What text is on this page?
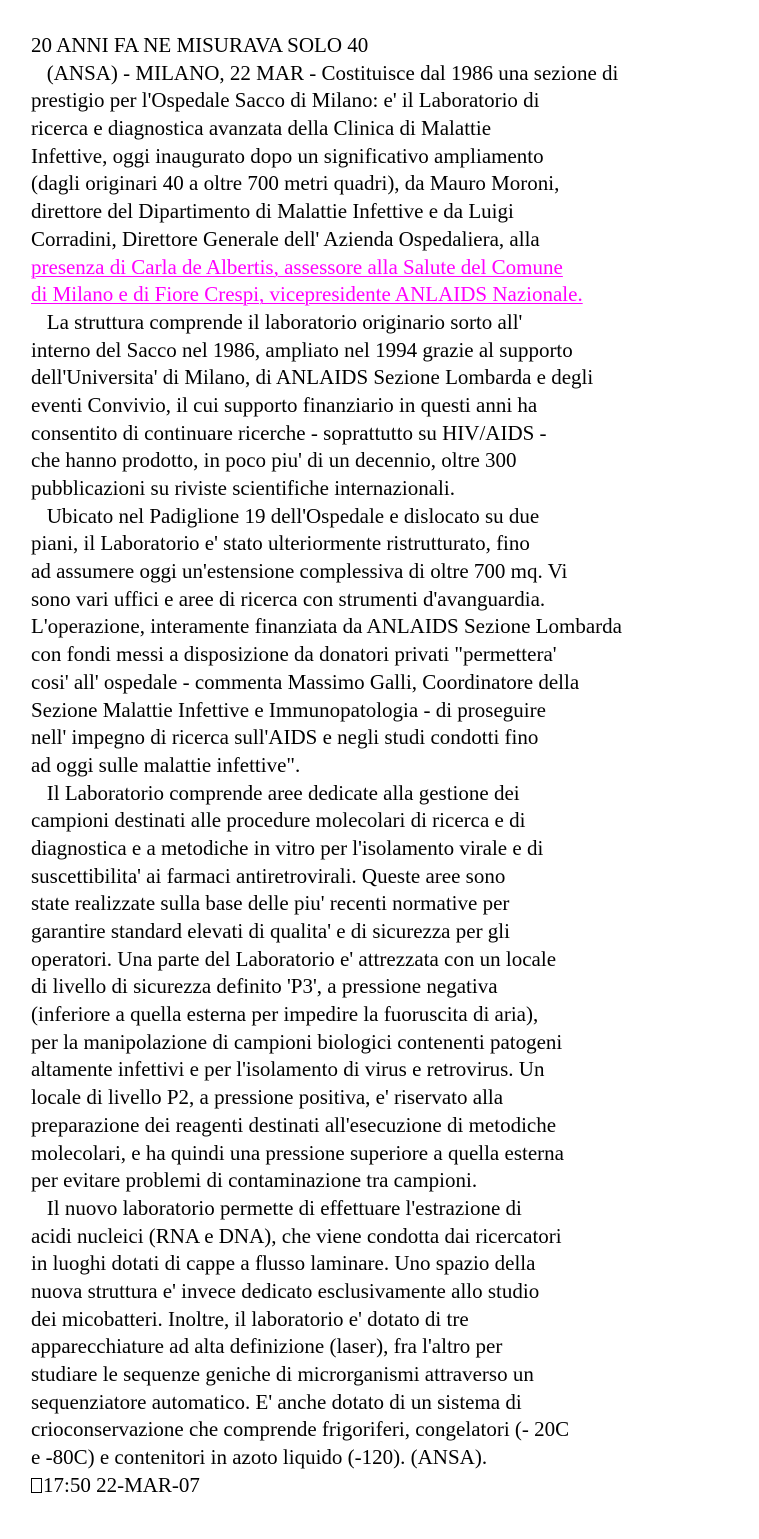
20 ANNI FA NE MISURAVA SOLO 40
(ANSA) - MILANO, 22 MAR - Costituisce dal 1986 una sezione di
prestigio per l'Ospedale Sacco di Milano: e' il Laboratorio di
ricerca e diagnostica avanzata della Clinica di Malattie
Infettive, oggi inaugurato dopo un significativo ampliamento
(dagli originari 40 a oltre 700 metri quadri), da Mauro Moroni,
direttore del Dipartimento di Malattie Infettive e da Luigi
Corradini, Direttore Generale dell' Azienda Ospedaliera, alla
presenza di Carla de Albertis, assessore alla Salute del Comune
di Milano e di Fiore Crespi, vicepresidente ANLAIDS Nazionale.
La struttura comprende il laboratorio originario sorto all'
interno del Sacco nel 1986, ampliato nel 1994 grazie al supporto
dell'Universita' di Milano, di ANLAIDS Sezione Lombarda e degli
eventi Convivio, il cui supporto finanziario in questi anni ha
consentito di continuare ricerche - soprattutto su HIV/AIDS -
che hanno prodotto, in poco piu' di un decennio, oltre 300
pubblicazioni su riviste scientifiche internazionali.
Ubicato nel Padiglione 19 dell'Ospedale e dislocato su due
piani, il Laboratorio e' stato ulteriormente ristrutturato, fino
ad assumere oggi un'estensione complessiva di oltre 700 mq. Vi
sono vari uffici e aree di ricerca con strumenti d'avanguardia.
L'operazione, interamente finanziata da ANLAIDS Sezione Lombarda
con fondi messi a disposizione da donatori privati "permettera'
cosi' all' ospedale - commenta Massimo Galli, Coordinatore della
Sezione Malattie Infettive e Immunopatologia - di proseguire
nell' impegno di ricerca sull'AIDS e negli studi condotti fino
ad oggi sulle malattie infettive".
Il Laboratorio comprende aree dedicate alla gestione dei
campioni destinati alle procedure molecolari di ricerca e di
diagnostica e a metodiche in vitro per l'isolamento virale e di
suscettibilita' ai farmaci antiretrovirali. Queste aree sono
state realizzate sulla base delle piu' recenti normative per
garantire standard elevati di qualita' e di sicurezza per gli
operatori. Una parte del Laboratorio e' attrezzata con un locale
di livello di sicurezza definito 'P3', a pressione negativa
(inferiore a quella esterna per impedire la fuoruscita di aria),
per la manipolazione di campioni biologici contenenti patogeni
altamente infettivi e per l'isolamento di virus e retrovirus. Un
locale di livello P2, a pressione positiva, e' riservato alla
preparazione dei reagenti destinati all'esecuzione di metodiche
molecolari, e ha quindi una pressione superiore a quella esterna
per evitare problemi di contaminazione tra campioni.
Il nuovo laboratorio permette di effettuare l'estrazione di
acidi nucleici (RNA e DNA), che viene condotta dai ricercatori
in luoghi dotati di cappe a flusso laminare. Uno spazio della
nuova struttura e' invece dedicato esclusivamente allo studio
dei micobatteri. Inoltre, il laboratorio e' dotato di tre
apparecchiature ad alta definizione (laser), fra l'altro per
studiare le sequenze geniche di microrganismi attraverso un
sequenziatore automatico. E' anche dotato di un sistema di
crioconservazione che comprende frigoriferi, congelatori (- 20C
e -80C) e contenitori in azoto liquido (-120). (ANSA).
17:50 22-MAR-07
